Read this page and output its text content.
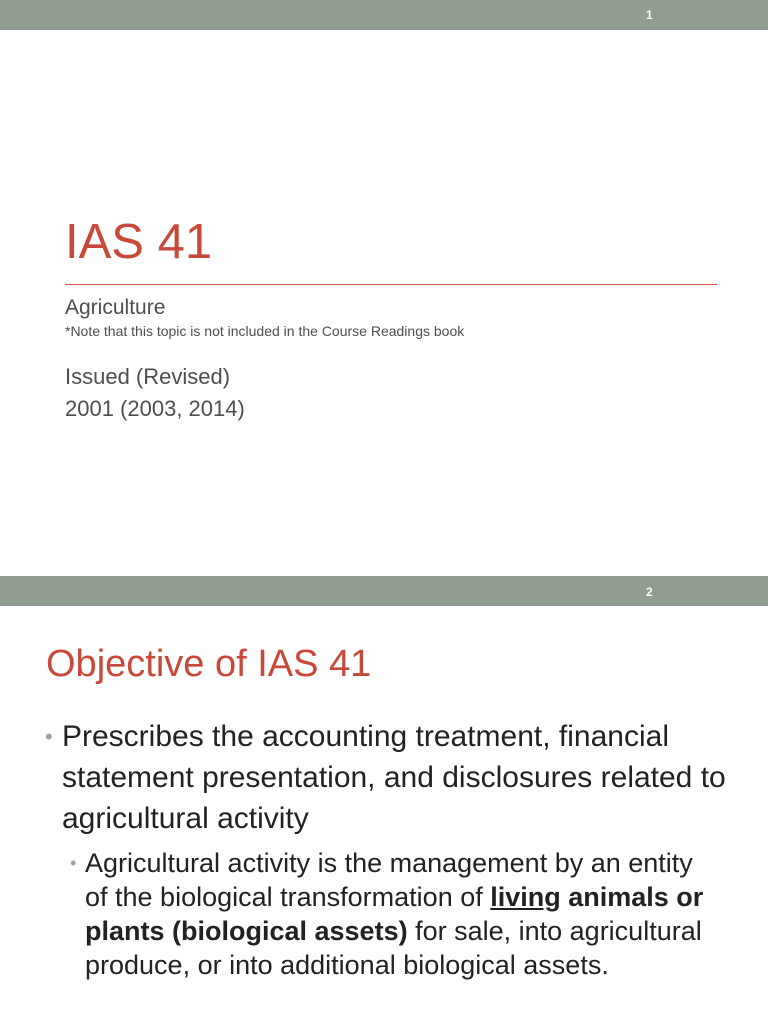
1
IAS 41
Agriculture
*Note that this topic is not included in the Course Readings book
Issued (Revised)
2001 (2003, 2014)
2
Objective of IAS 41
• Prescribes the accounting treatment, financial statement presentation, and disclosures related to agricultural activity
• Agricultural activity is the management by an entity of the biological transformation of living animals or plants (biological assets) for sale, into agricultural produce, or into additional biological assets.
